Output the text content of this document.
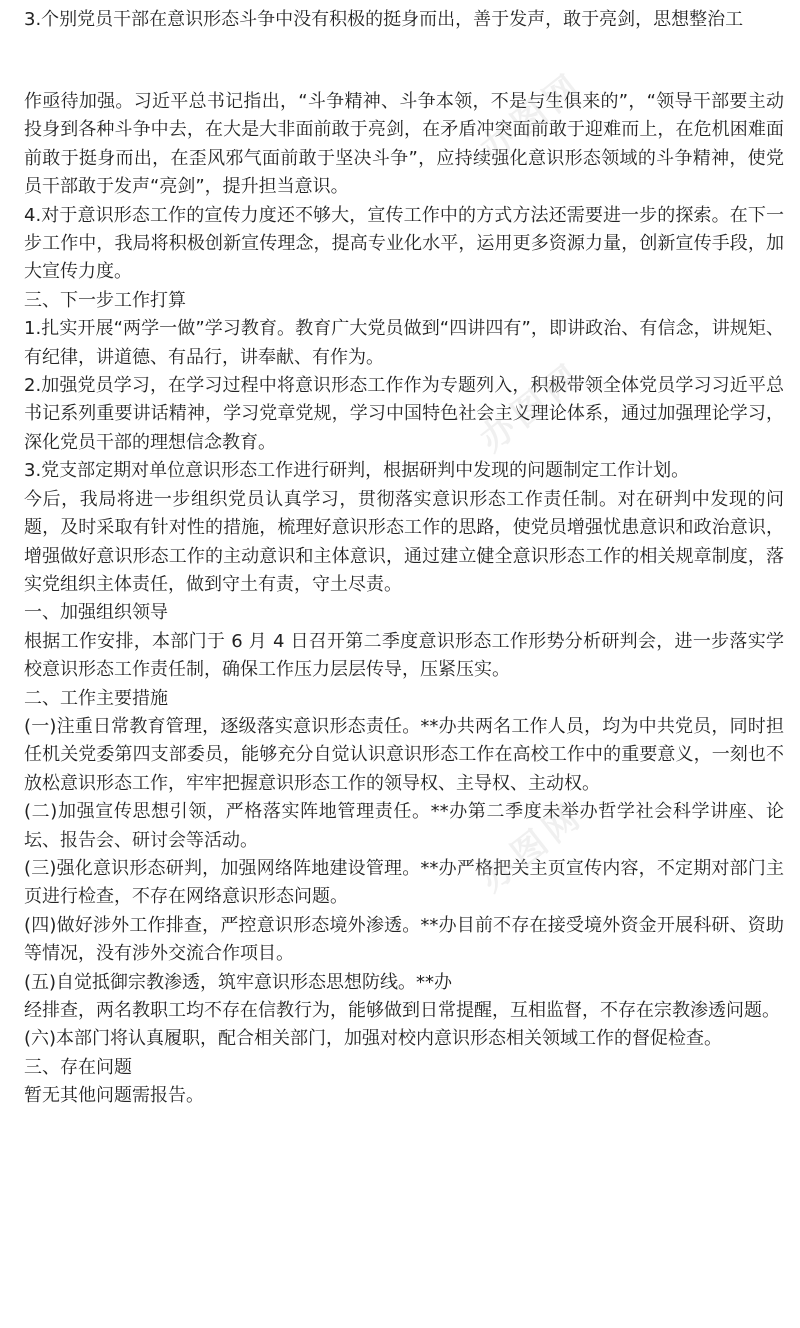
3.个别党员干部在意识形态斗争中没有积极的挺身而出，善于发声，敢于亮剑，思想整治工

作亟待加强。习近平总书记指出，“斗争精神、斗争本领，不是与生俱来的”，“领导干部要主动投身到各种斗争中去，在大是大非面前敢于亮剑，在矛盾冲突面前敢于迎难而上，在危机困难面前敢于挺身而出，在歪风邪气面前敢于坚决斗争”，应持续强化意识形态领域的斗争精神，使党员干部敢于发声“亮剑”，提升担当意识。

4.对于意识形态工作的宣传力度还不够大，宣传工作中的方式方法还需要进一步的探索。在下一步工作中，我局将积极创新宣传理念，提高专业化水平，运用更多资源力量，创新宣传手段，加大宣传力度。

三、下一步工作打算

1.扎实开展“两学一做”学习教育。教育广大党员做到“四讲四有”，即讲政治、有信念，讲规矩、有纪律，讲道德、有品行，讲奉献、有作为。

2.加强党员学习，在学习过程中将意识形态工作作为专题列入，积极带领全体党员学习习近平总书记系列重要讲话精神，学习党章党规，学习中国特色社会主义理论体系，通过加强理论学习，深化党员干部的理想信念教育。

3.党支部定期对单位意识形态工作进行研判，根据研判中发现的问题制定工作计划。

今后，我局将进一步组织党员认真学习，贯彻落实意识形态工作责任制。对在研判中发现的问题，及时采取有针对性的措施，梳理好意识形态工作的思路，使党员增强忧患意识和政治意识，增强做好意识形态工作的主动意识和主体意识，通过建立健全意识形态工作的相关规章制度，落实党组织主体责任，做到守土有责，守土尽责。

一、加强组织领导

根据工作安排，本部门于 6 月 4 日召开第二季度意识形态工作形势分析研判会，进一步落实学校意识形态工作责任制，确保工作压力层层传导，压紧压实。

二、工作主要措施

(一)注重日常教育管理，逐级落实意识形态责任。**办共两名工作人员，均为中共党员，同时担任机关党委第四支部委员，能够充分自觉认识意识形态工作在高校工作中的重要意义，一刻也不放松意识形态工作，牢牢把握意识形态工作的领导权、主导权、主动权。

(二)加强宣传思想引领，严格落实阵地管理责任。**办第二季度未举办哲学社会科学讲座、论坛、报告会、研讨会等活动。

(三)强化意识形态研判，加强网络阵地建设管理。**办严格把关主页宣传内容，不定期对部门主页进行检查，不存在网络意识形态问题。

(四)做好涉外工作排查，严控意识形态境外渗透。**办目前不存在接受境外资金开展科研、资助等情况，没有涉外交流合作项目。

(五)自觉抵御宗教渗透，筑牢意识形态思想防线。**办

经排查，两名教职工均不存在信教行为，能够做到日常提醒，互相监督，不存在宗教渗透问题。

(六)本部门将认真履职，配合相关部门，加强对校内意识形态相关领域工作的督促检查。

三、存在问题

暂无其他问题需报告。

办图网
办图网
办图网
